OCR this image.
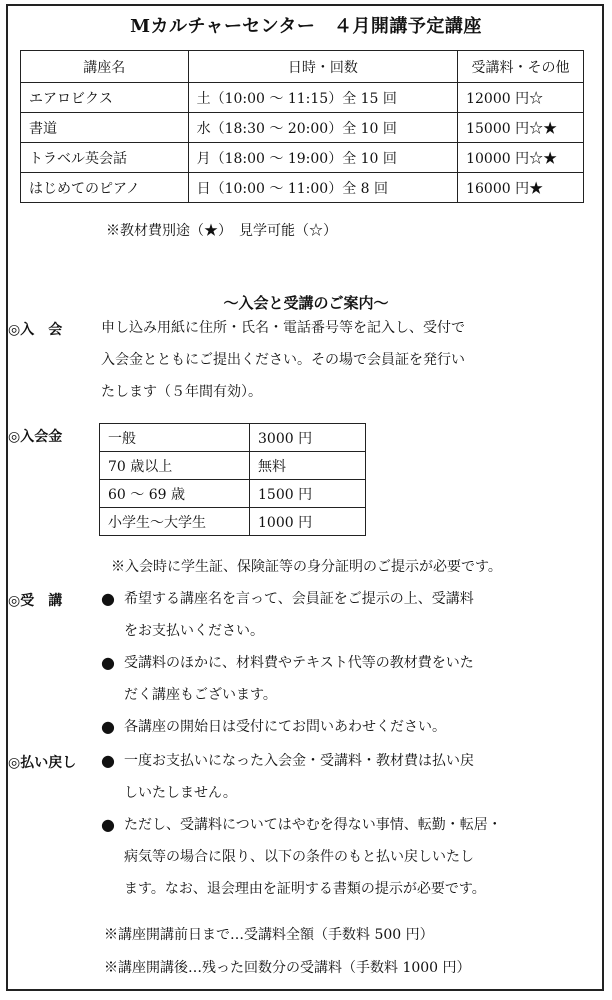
Mカルチャーセンター　４月開講予定講座
講座名	日時・回数	受講料・その他
エアロビクス	土（10:00 〜 11:15）全 15 回	12000 円☆
書道	水（18:30 〜 20:00）全 10 回	15000 円☆★
トラベル英会話	月（18:00 〜 19:00）全 10 回	10000 円☆★
はじめてのピアノ	日（10:00 〜 11:00）全 8 回	16000 円★
※教材費別途（★）　見学可能（☆）
〜入会と受講のご案内〜
◎入　会	申し込み用紙に住所・氏名・電話番号等を記入し、受付で
入会金とともにご提出ください。その場で会員証を発行い
たします（５年間有効）。
◎入会金	一般	3000 円
70 歳以上	無料
60 〜 69 歳	1500 円
小学生〜大学生	1000 円
※入会時に学生証、保険証等の身分証明のご提示が必要です。
◎受　講 ● 希望する講座名を言って、会員証をご提示の上、受講料
をお支払いください。
● 受講料のほかに、材料費やテキスト代等の教材費をいた
だく講座もございます。
● 各講座の開始日は受付にてお問いあわせください。
◎払い戻し ● 一度お支払いになった入会金・受講料・教材費は払い戻
しいたしません。
● ただし、受講料についてはやむを得ない事情、転勤・転居・
病気等の場合に限り、以下の条件のもと払い戻しいたし
ます。なお、退会理由を証明する書類の提示が必要です。
※講座開講前日まで…受講料全額（手数料 500 円）
※講座開講後…残った回数分の受講料（手数料 1000 円）
